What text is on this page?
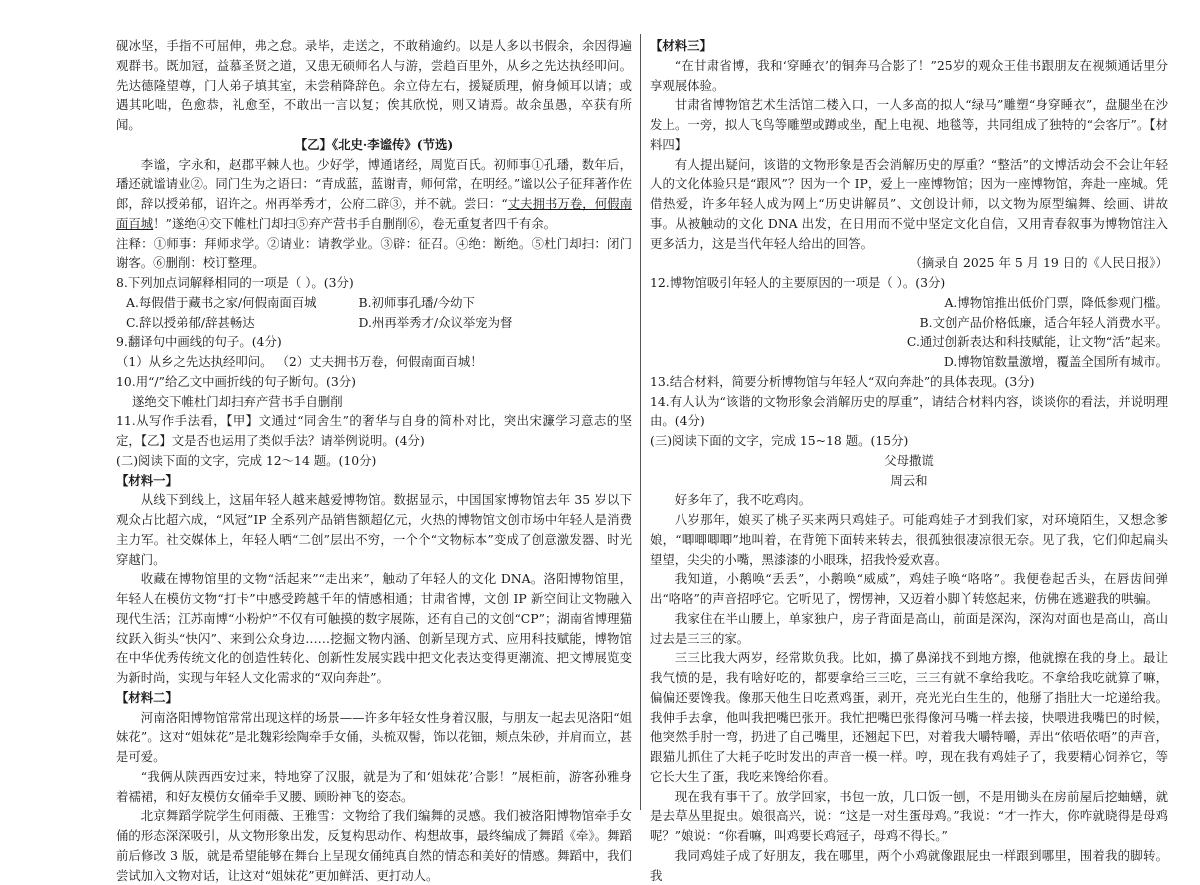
砚冰坚，手指不可屈伸，弗之怠。录毕，走送之，不敢稍逾约。以是人多以书假余，余因得遍观群书。既加冠，益慕圣贤之道，又患无硕师名人与游，尝趋百里外，从乡之先达执经叩问。先达德隆望尊，门人弟子填其室，未尝稍降辞色。余立侍左右，援疑质理，俯身倾耳以请；或遇其叱咄，色愈恭，礼愈至，不敢出一言以复；俟其欣悦，则又请焉。故余虽愚，卒获有所闻。

【乙】《北史·李谧传》(节选)

李谧，字永和，赵郡平棘人也。少好学，博通诸经，周览百氏。初师事①孔璠，数年后，璠还就谧请业②。同门生为之语曰：“青成蓝，蓝谢青，师何常，在明经。”谧以公子征拜著作佐郎，辞以授弟郁，诏许之。州再举秀才，公府二辟③，并不就。尝曰：“丈夫拥书万卷，何假南面百城！”遂绝④交下帷杜门却扫⑤弃产营书手自删削⑥，卷无重复者四千有余。

注释：①师事：拜师求学。②请业：请教学业。③辟：征召。④绝：断绝。⑤杜门却扫：闭门谢客。⑥删削：校订整理。

8.下列加点词解释相同的一项是（ ）。(3分)

A.每假借于藏书之家/何假南面百城	B.初师事孔璠/今幼下
C.辞以授弟郁/辞甚畅达	D.州再举秀才/众议举宠为督

9.翻译句中画线的句子。(4分)

（1）从乡之先达执经叩问。 （2）丈夫拥书万卷，何假南面百城！

10.用“/”给乙文中画折线的句子断句。(3分)

遂绝交下帷杜门却扫弃产营书手自删削

11.从写作手法看，【甲】文通过“同舍生”的奢华与自身的简朴对比，突出宋濂学习意志的坚定，【乙】文是否也运用了类似手法？请举例说明。(4分)

(二)阅读下面的文字，完成 12～14 题。(10分)

【材料一】

从线下到线上，这届年轻人越来越爱博物馆。数据显示，中国国家博物馆去年 35 岁以下观众占比超六成，“风冠”IP 全系列产品销售额超亿元，火热的博物馆文创市场中年轻人是消费主力军。社交媒体上，年轻人晒“二创”层出不穷，一个个“文物标本”变成了创意激发器、时光穿越门。

收藏在博物馆里的文物“活起来”“走出来”，触动了年轻人的文化 DNA。洛阳博物馆里，年轻人在模仿文物“打卡”中感受跨越千年的情感相通；甘肃省博，文创 IP 新空间让文物融入现代生活；江苏南博“小粉炉”不仅有可触摸的数字展陈，还有自己的文创“CP”；湖南省博理猫纹跃入街头“快闪”、来到公众身边……挖掘文物内涵、创新呈现方式、应用科技赋能，博物馆在中华优秀传统文化的创造性转化、创新性发展实践中把文化表达变得更潮流、把文博展览变为新时尚，实现与年轻人文化需求的“双向奔赴”。

【材料二】

河南洛阳博物馆常常出现这样的场景——许多年轻女性身着汉服，与朋友一起去见洛阳“姐妹花”。这对“姐妹花”是北魏彩绘陶牵手女俑，头梳双髻，饰以花钿，颊点朱砂，并肩而立，甚是可爱。

“我俩从陕西西安过来，特地穿了汉服，就是为了和‘姐妹花’合影！”展柜前，游客孙雅身着襦裙，和好友模仿女俑牵手叉腰、顾盼神飞的姿态。

北京舞蹈学院学生何雨薇、王雅雪：文物给了我们编舞的灵感。我们被洛阳博物馆牵手女俑的形态深深吸引，从文物形象出发，反复构思动作、构想故事，最终编成了舞蹈《牵》。舞蹈前后修改 3 版，就是希望能够在舞台上呈现女俑纯真自然的情态和美好的情感。舞蹈中，我们尝试加入文物对话，让这对“姐妹花”更加鲜活、更打动人。

【材料三】

“在甘肃省博，我和‘穿睡衣’的铜奔马合影了！”25岁的观众王佳书跟朋友在视频通话里分享观展体验。

甘肃省博物馆艺术生活馆二楼入口，一人多高的拟人“绿马”雕塑“身穿睡衣”，盘腿坐在沙发上。一旁，拟人飞鸟等雕塑或蹲或坐，配上电视、地毯等，共同组成了独特的“会客厅”。【材料四】

有人提出疑问，该谐的文物形象是否会消解历史的厚重？“整活”的文博活动会不会让年轻人的文化体验只是“跟风”？因为一个 IP，爱上一座博物馆；因为一座博物馆，奔赴一座城。凭借热爱，许多年轻人成为网上“历史讲解员”、文创设计师，以文物为原型编舞、绘画、讲故事。从被触动的文化 DNA 出发，在日用而不觉中坚定文化自信，又用青春叙事为博物馆注入更多活力，这是当代年轻人给出的回答。

（摘录自 2025 年 5 月 19 日的《人民日报》）

12.博物馆吸引年轻人的主要原因的一项是（ ）。(3分)

A.博物馆推出低价门票，降低参观门槛。

B.文创产品价格低廉，适合年轻人消费水平。

C.通过创新表达和科技赋能，让文物“活”起来。

D.博物馆数量激增，覆盖全国所有城市。

13.结合材料，简要分析博物馆与年轻人“双向奔赴”的具体表现。(3分)

14.有人认为“该谐的文物形象会消解历史的厚重”，请结合材料内容，谈谈你的看法，并说明理由。(4分)

(三)阅读下面的文字，完成 15~18 题。(15分)

父母撒谎

周云和

好多年了，我不吃鸡肉。

八岁那年，娘买了桃子买来两只鸡娃子。可能鸡娃子才到我们家，对环境陌生，又想念爹娘，“唧唧唧唧”地叫着，在背篼下面转来转去，很孤独很凄凉很无奈。见了我，它们仰起扁头望望，尖尖的小嘴，黑漆漆的小眼珠，招我怜爱欢喜。

我知道，小鹅唤“丢丢”，小鹅唤“威威”，鸡娃子唤“咯咯”。我便卷起舌头，在唇齿间弹出“咯咯”的声音招呼它。它听见了，愣愣神，又迈着小脚丫转悠起来，仿佛在逃避我的哄骗。

我家住在半山腰上，单家独户，房子背面是高山，前面是深沟，深沟对面也是高山，高山过去是三三的家。

三三比我大两岁，经常欺负我。比如，擤了鼻涕找不到地方擦，他就擦在我的身上。最让我气愤的是，我有啥好吃的，都要拿给三三吃，三三有就不拿给我吃。不拿给我吃就算了嘛，偏偏还要馋我。像那天他生日吃煮鸡蛋，剥开，亮光光白生生的，他掰了指肚大一坨递给我。我伸手去拿，他叫我把嘴巴张开。我忙把嘴巴张得像河马嘴一样去接，快喂进我嘴巴的时候，他突然手肘一弯，扔进了自己嘴里，还翘起下巴，对着我大嚼特嚼，弄出“依唔依唔”的声音，跟猫儿抓住了大耗子吃时发出的声音一模一样。哼，现在我有鸡娃子了，我要精心饲养它，等它长大生了蛋，我吃来馋给你看。

现在我有事干了。放学回家，书包一放，几口饭一刨，不是用锄头在房前屋后挖蚰蟮，就是去草丛里捉虫。娘很高兴，说：“这是一对生蛋母鸡。”我说：“才一拃大，你咋就晓得是母鸡呢？”娘说：“你看嘛，叫鸡要长鸡冠子，母鸡不得长。”

我同鸡娃子成了好朋友，我在哪里，两个小鸡就像跟屁虫一样跟到哪里，围着我的脚转。我
